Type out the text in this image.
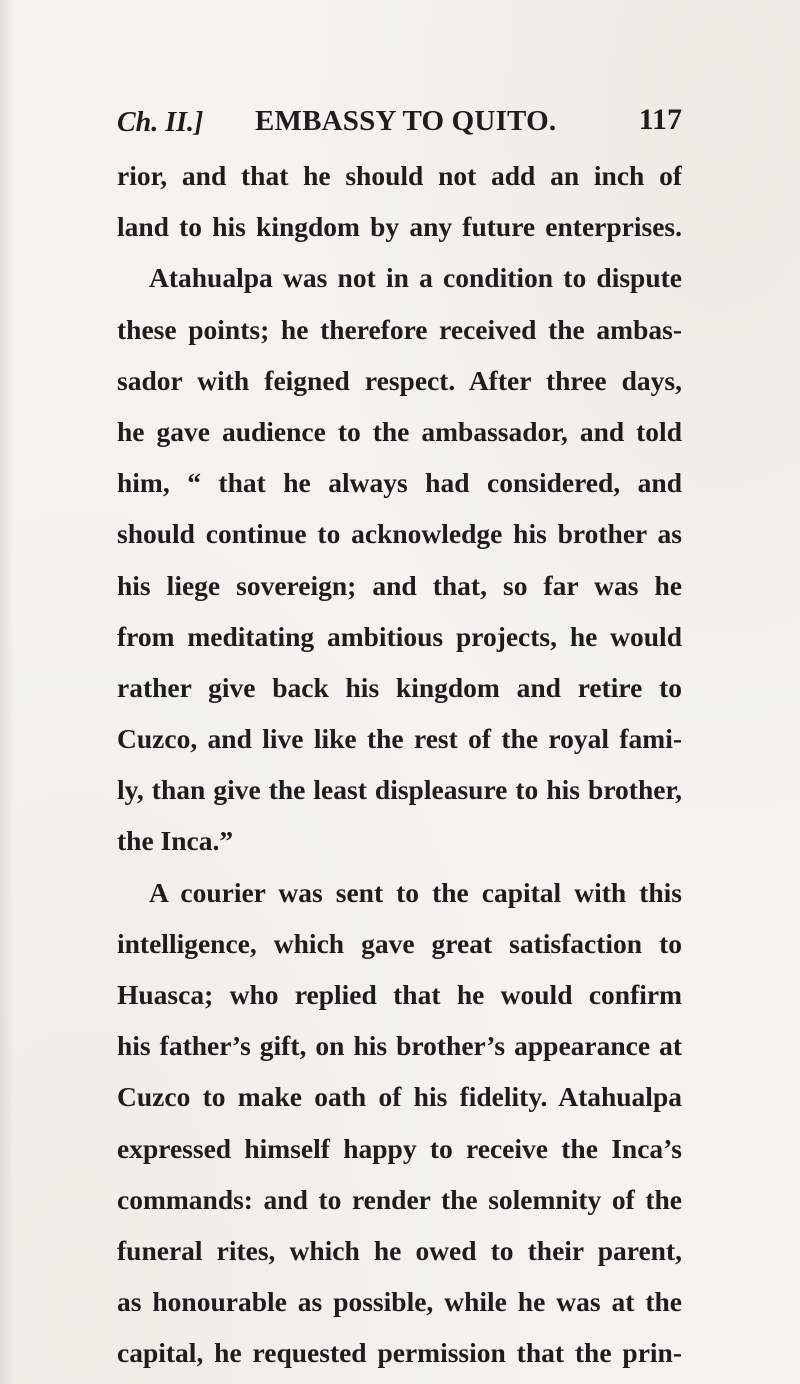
Ch. II.] EMBASSY TO QUITO.	117
rior, and that he should not add an inch of
land to his kingdom by any future enterprises.
Atahualpa was not in a condition to dispute
these points; he therefore received the ambas-
sador with feigned respect. After three days,
he gave audience to the ambassador, and told
him, “ that he always had considered, and
should continue to acknowledge his brother as
his liege sovereign; and that, so far was he
from meditating ambitious projects, he would
rather give back his kingdom and retire to
Cuzco, and live like the rest of the royal fami-
ly, than give the least displeasure to his brother,
the Inca.”
A courier was sent to the capital with this
intelligence, which gave great satisfaction to
Huasca; who replied that he would confirm
his father’s gift, on his brother’s appearance at
Cuzco to make oath of his fidelity. Atahualpa
expressed himself happy to receive the Inca’s
commands: and to render the solemnity of the
funeral rites, which he owed to their parent,
as honourable as possible, while he was at the
capital, he requested permission that the prin-
